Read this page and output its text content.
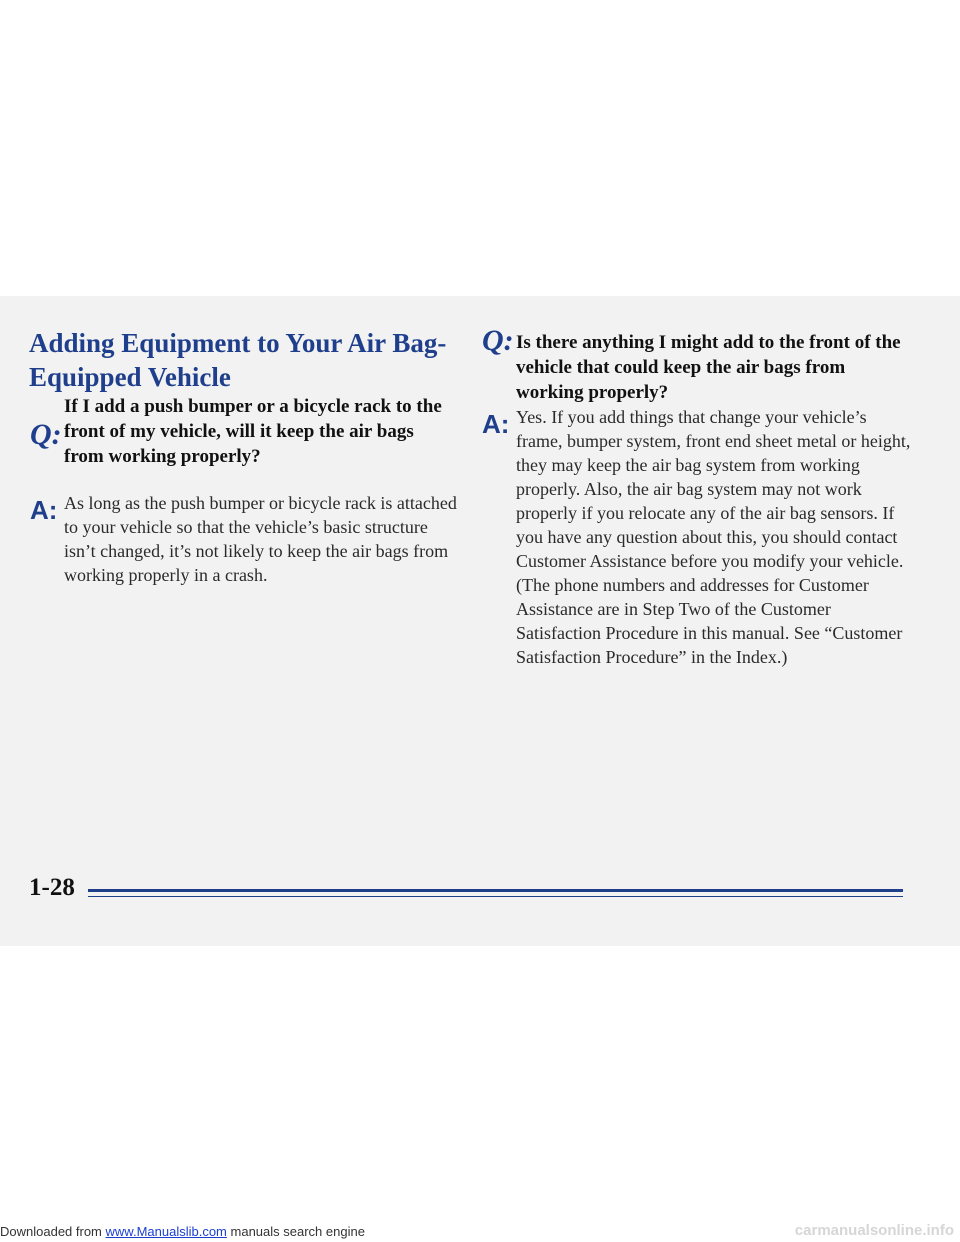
Adding Equipment to Your Air Bag-Equipped Vehicle
Q:

If I add a push bumper or a bicycle rack to the front of my vehicle, will it keep the air bags from working properly?

A: As long as the push bumper or bicycle rack is attached to your vehicle so that the vehicle’s basic structure isn’t changed, it’s not likely to keep the air bags from working properly in a crash.

Q: Is there anything I might add to the front of the vehicle that could keep the air bags from working properly?

A: Yes. If you add things that change your vehicle’s frame, bumper system, front end sheet metal or height, they may keep the air bag system from working properly. Also, the air bag system may not work properly if you relocate any of the air bag sensors. If you have any question about this, you should contact Customer Assistance before you modify your vehicle. (The phone numbers and addresses for Customer Assistance are in Step Two of the Customer Satisfaction Procedure in this manual. See “Customer Satisfaction Procedure” in the Index.)

1-28
Downloaded from www.Manualslib.com manuals search engine	carmanualsonline.info
